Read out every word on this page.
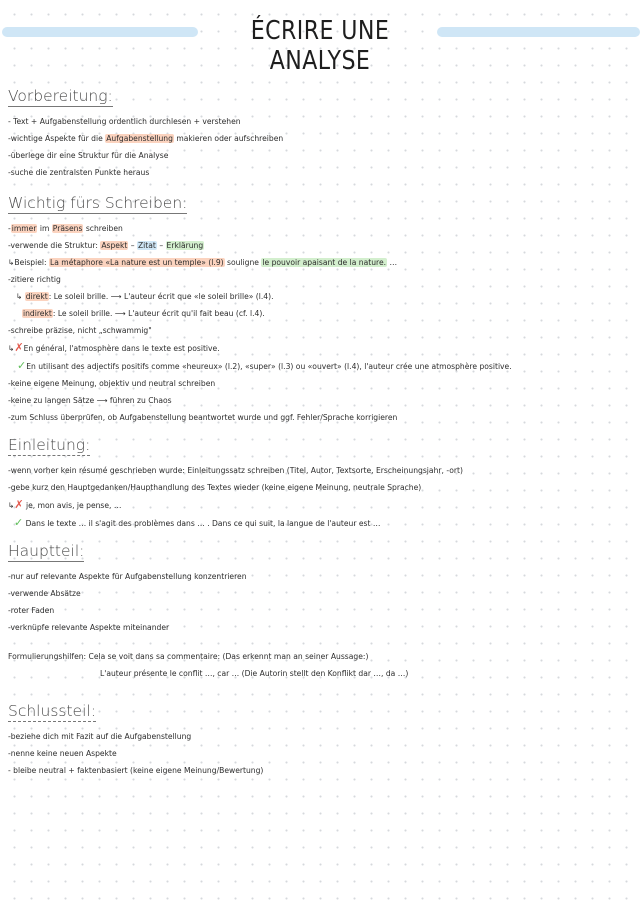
ÉCRIRE UNE ANALYSE
Vorbereitung:
- Text + Aufgabenstellung ordentlich durchlesen + verstehen
-wichtige Aspekte für die Aufgabenstellung makieren oder aufschreiben
-überlege dir eine Struktur für die Analyse
-suche die zentralsten Punkte heraus
Wichtig fürs Schreiben:
-immer im Präsens schreiben
-verwende die Struktur: Aspekt – Zitat – Erklärung
↳Beispiel: La métaphore «La nature est un temple» (l.9) souligne le pouvoir apaisant de la nature. …
-zitiere richtig
↳ direkt: Le soleil brille. ⟶ L'auteur écrit que «le soleil brille» (l.4).
indirekt: Le soleil brille. ⟶ L'auteur écrit qu'il fait beau (cf. l.4).
-schreibe präzise, nicht „schwammig"
↳✗En général, l'atmosphère dans le texte est positive.
✓En utilisant des adjectifs positifs comme «heureux» (l.2), «super» (l.3) ou «ouvert» (l.4), l'auteur crée une atmosphère positive.
-keine eigene Meinung, objektiv und neutral schreiben
-keine zu langen Sätze ⟶ führen zu Chaos
-zum Schluss überprüfen, ob Aufgabenstellung beantwortet wurde und ggf. Fehler/Sprache korrigieren
Einleitung:
-wenn vorher kein résumé geschrieben wurde: Einleitungssatz schreiben (Titel, Autor, Textsorte, Erscheinungsjahr, -ort)
-gebe kurz den Hauptgedanken/Haupthandlung des Textes wieder (keine eigene Meinung, neutrale Sprache)
↳✗ je, mon avis, je pense, …
✓ Dans le texte … il s'agit des problèmes dans … . Dans ce qui suit, la langue de l'auteur est …
Hauptteil:
-nur auf relevante Aspekte für Aufgabenstellung konzentrieren
-verwende Absätze
-roter Faden
-verknüpfe relevante Aspekte miteinander
Formulierungshilfen: Cela se voit dans sa commentaire: (Das erkennt man an seiner Aussage:)
L'auteur présente le conflit …, car … (Die Autorin stellt den Konflikt dar …, da …)
Schlussteil:
-beziehe dich mit Fazit auf die Aufgabenstellung
-nenne keine neuen Aspekte
- bleibe neutral + faktenbasiert (keine eigene Meinung/Bewertung)
